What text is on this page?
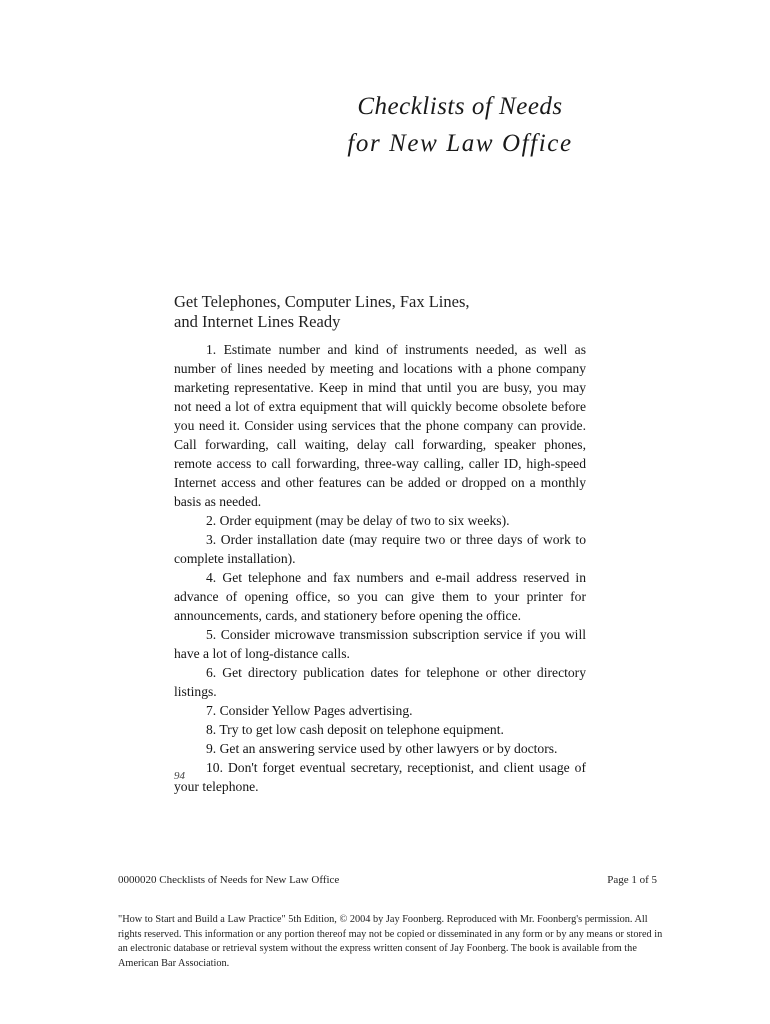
Checklists of Needs
for New Law Office
Get Telephones, Computer Lines, Fax Lines,
and Internet Lines Ready

1. Estimate number and kind of instruments needed, as well as number of lines needed by meeting and locations with a phone company marketing representative. Keep in mind that until you are busy, you may not need a lot of extra equipment that will quickly become obsolete before you need it. Consider using services that the phone company can provide. Call forwarding, call waiting, delay call forwarding, speaker phones, remote access to call forwarding, three-way calling, caller ID, high-speed Internet access and other features can be added or dropped on a monthly basis as needed.

2. Order equipment (may be delay of two to six weeks).

3. Order installation date (may require two or three days of work to complete installation).

4. Get telephone and fax numbers and e-mail address reserved in advance of opening office, so you can give them to your printer for announcements, cards, and stationery before opening the office.

5. Consider microwave transmission subscription service if you will have a lot of long-distance calls.

6. Get directory publication dates for telephone or other directory listings.

7. Consider Yellow Pages advertising.

8. Try to get low cash deposit on telephone equipment.

9. Get an answering service used by other lawyers or by doctors.

10. Don't forget eventual secretary, receptionist, and client usage of your telephone.

94
0000020 Checklists of Needs for New Law Office	Page 1 of 5
"How to Start and Build a Law Practice" 5th Edition, © 2004 by Jay Foonberg. Reproduced with Mr. Foonberg's permission. All rights reserved. This information or any portion thereof may not be copied or disseminated in any form or by any means or stored in an electronic database or retrieval system without the express written consent of Jay Foonberg. The book is available from the American Bar Association.
